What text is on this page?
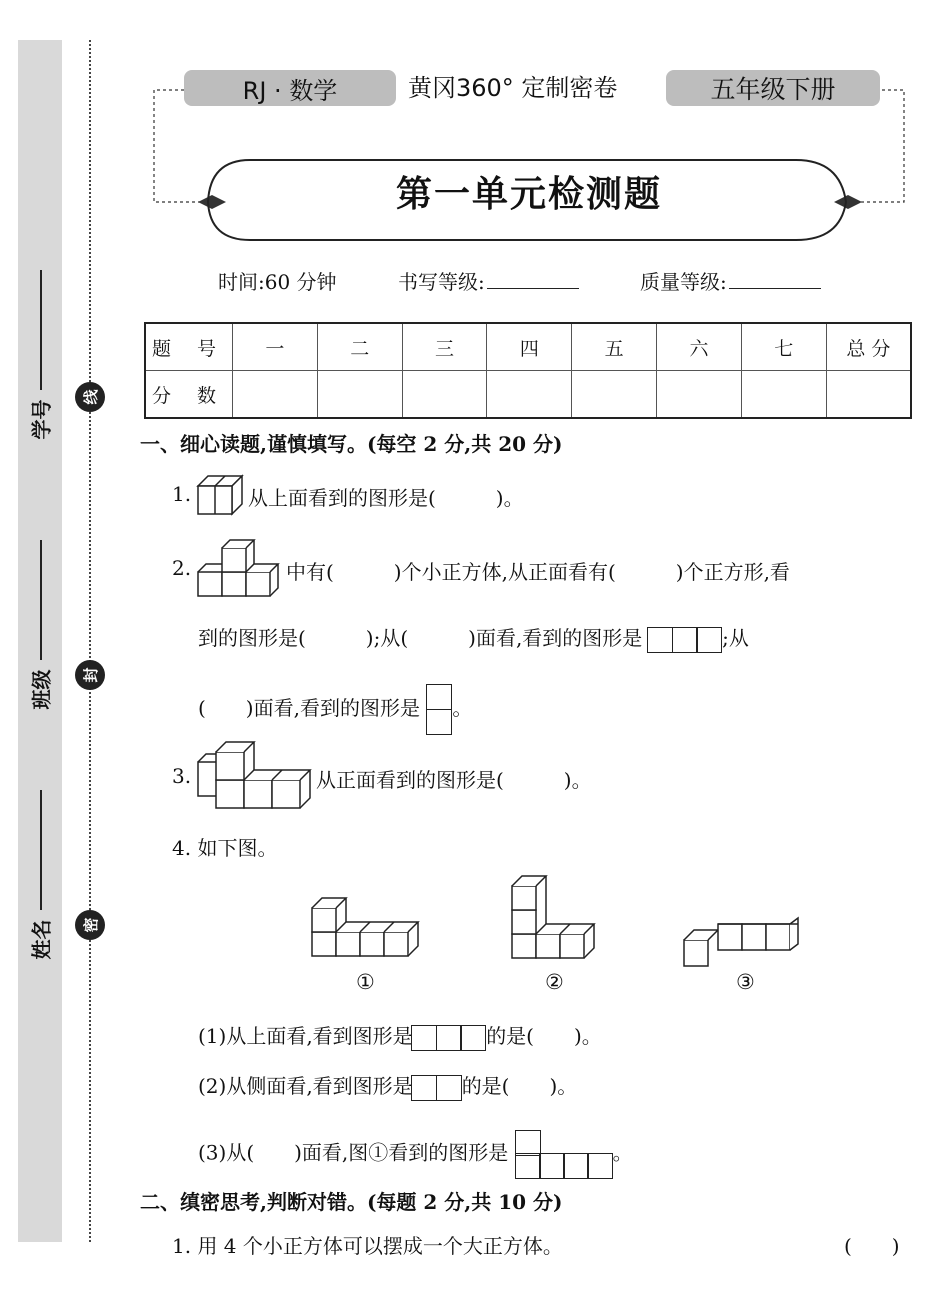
学号
班级
姓名
线
封
密
RJ · 数学	黄冈360° 定制密卷	五年级下册
第一单元检测题
时间:60 分钟	书写等级:	质量等级:
题 号	一	二	三	四	五	六	七	总 分
分 数								
一、细心读题,谨慎填写。(每空 2 分,共 20 分)
1.	从上面看到的图形是(　　　)。
2.	中有(　　　)个小正方体,从正面看有(　　　)个正方形,看
到的图形是(　　　);从(　　　)面看,看到的图形是	;从
(　　)面看,看到的图形是 。
3.	从正面看到的图形是(　　　)。
4. 如下图。
①	②	③
(1)从上面看,看到图形是	的是(　　)。
(2)从侧面看,看到图形是 的是(　　)。
(3)从(　　)面看,图①看到的图形是	。
二、缜密思考,判断对错。(每题 2 分,共 10 分)
1. 用 4 个小正方体可以摆成一个大正方体。	(　　)
